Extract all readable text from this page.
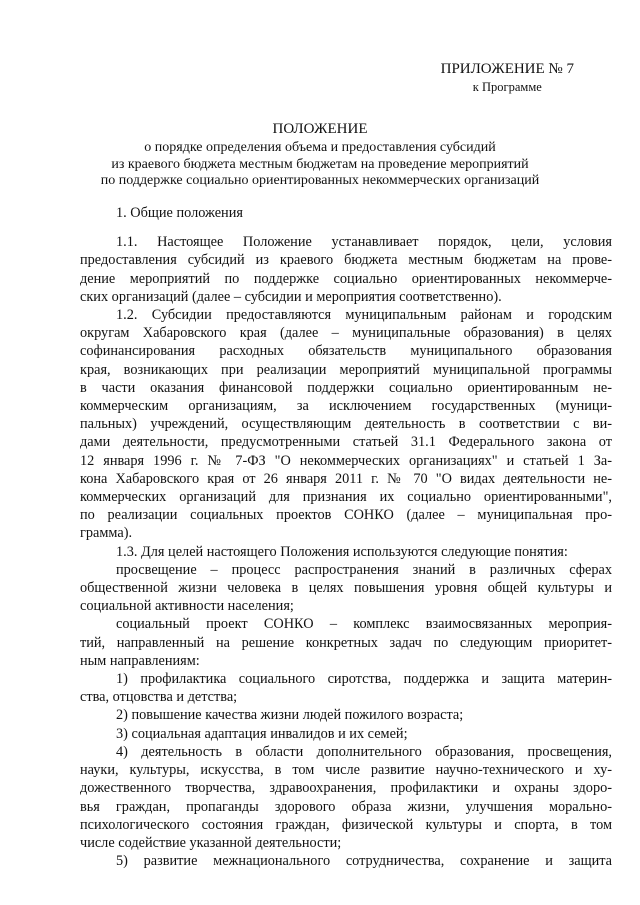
ПРИЛОЖЕНИЕ № 7
к Программе
ПОЛОЖЕНИЕ
о порядке определения объема и предоставления субсидий
из краевого бюджета местным бюджетам на проведение мероприятий
по поддержке социально ориентированных некоммерческих организаций
1. Общие положения
1.1. Настоящее Положение устанавливает порядок, цели, условия
предоставления субсидий из краевого бюджета местным бюджетам на прове-
дение мероприятий по поддержке социально ориентированных некоммерче-
ских организаций (далее – субсидии и мероприятия соответственно).
1.2. Субсидии предоставляются муниципальным районам и городским
округам Хабаровского края (далее – муниципальные образования) в целях
софинансирования расходных обязательств муниципального образования
края, возникающих при реализации мероприятий муниципальной программы
в части оказания финансовой поддержки социально ориентированным не-
коммерческим организациям, за исключением государственных (муници-
пальных) учреждений, осуществляющим деятельность в соответствии с ви-
дами деятельности, предусмотренными статьей 31.1 Федерального закона от
12 января 1996 г. № 7-ФЗ "О некоммерческих организациях" и статьей 1 За-
кона Хабаровского края от 26 января 2011 г. № 70 "О видах деятельности не-
коммерческих организаций для признания их социально ориентированными",
по реализации социальных проектов СОНКО (далее – муниципальная про-
грамма).
1.3. Для целей настоящего Положения используются следующие понятия:
просвещение – процесс распространения знаний в различных сферах
общественной жизни человека в целях повышения уровня общей культуры и
социальной активности населения;
социальный проект СОНКО – комплекс взаимосвязанных мероприя-
тий, направленный на решение конкретных задач по следующим приоритет-
ным направлениям:
1) профилактика социального сиротства, поддержка и защита материн-
ства, отцовства и детства;
2) повышение качества жизни людей пожилого возраста;
3) социальная адаптация инвалидов и их семей;
4) деятельность в области дополнительного образования, просвещения,
науки, культуры, искусства, в том числе развитие научно-технического и ху-
дожественного творчества, здравоохранения, профилактики и охраны здоро-
вья граждан, пропаганды здорового образа жизни, улучшения морально-
психологического состояния граждан, физической культуры и спорта, в том
числе содействие указанной деятельности;
5) развитие межнационального сотрудничества, сохранение и защита
